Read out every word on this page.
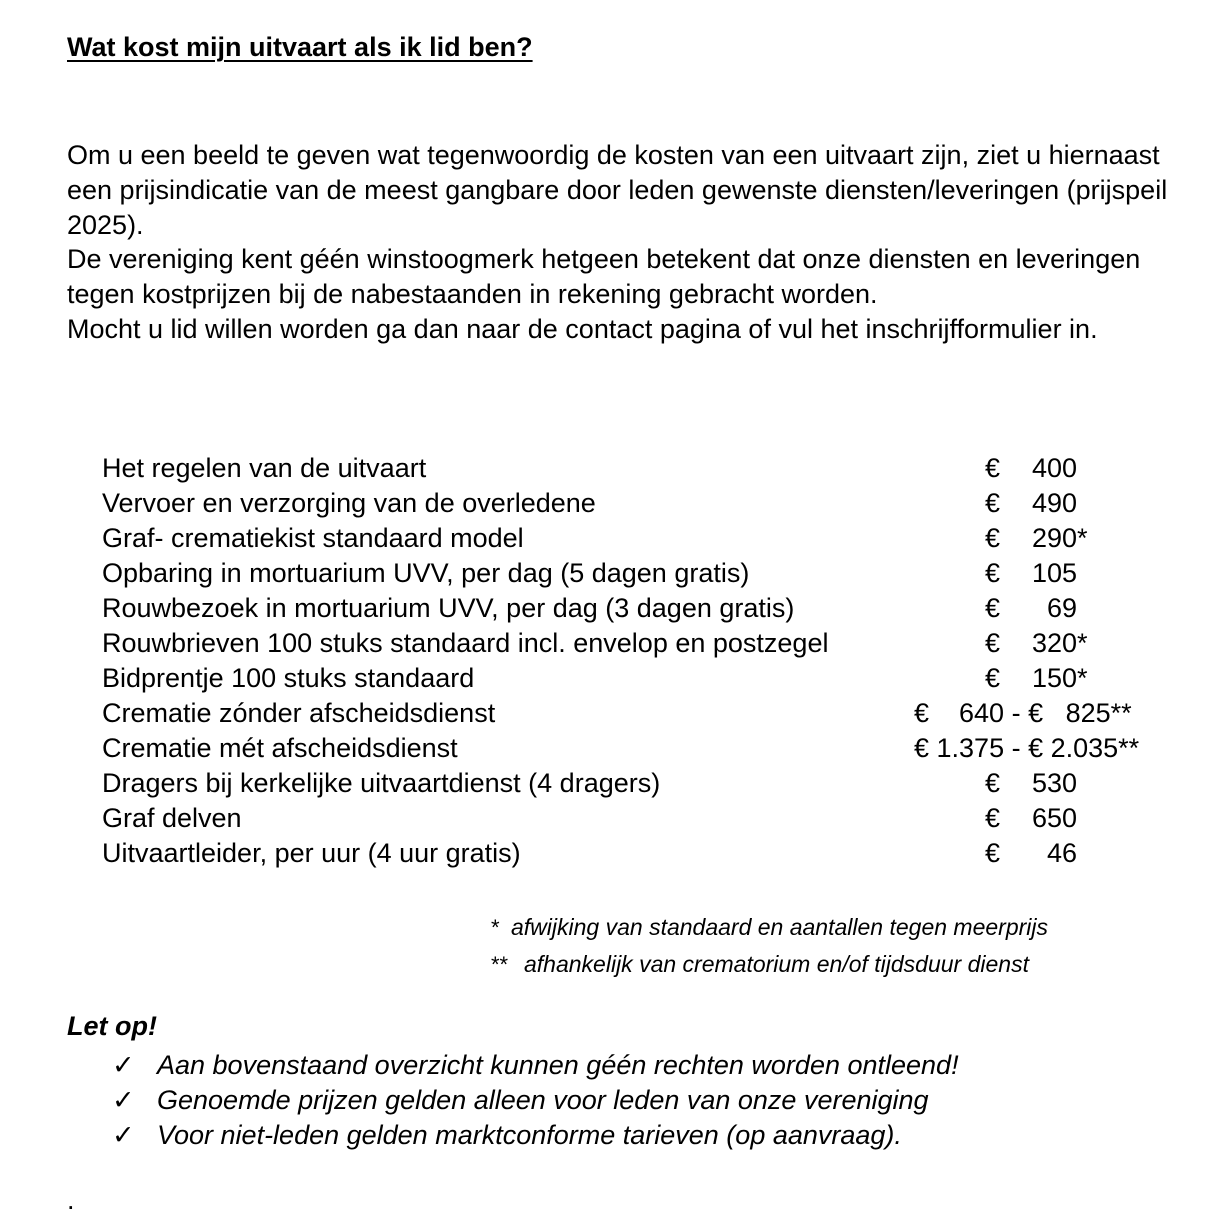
Wat kost mijn uitvaart als ik lid ben?

Om u een beeld te geven wat tegenwoordig de kosten van een uitvaart zijn, ziet u hiernaast een prijsindicatie van de meest gangbare door leden gewenste diensten/leveringen (prijspeil 2025).

De vereniging kent géén winstoogmerk hetgeen betekent dat onze diensten en leveringen tegen kostprijzen bij de nabestaanden in rekening gebracht worden.

Mocht u lid willen worden ga dan naar de contact pagina of vul het inschrijfformulier in.

Het regelen van de uitvaart	€ 400
Vervoer en verzorging van de overledene	€ 490
Graf- crematiekist standaard model	€ 290*
Opbaring in mortuarium UVV, per dag (5 dagen gratis)	€ 105
Rouwbezoek in mortuarium UVV, per dag (3 dagen gratis)	€ 69
Rouwbrieven 100 stuks standaard incl. envelop en postzegel	€ 320*
Bidprentje 100 stuks standaard	€ 150*
Crematie zónder afscheidsdienst	€    640 - €   825**
Crematie mét afscheidsdienst	€ 1.375 - € 2.035**
Dragers bij kerkelijke uitvaartdienst (4 dragers)	€ 530
Graf delven	€ 650
Uitvaartleider, per uur (4 uur gratis)	€ 46
* afwijking van standaard en aantallen tegen meerprijs
** afhankelijk van crematorium en/of tijdsduur dienst
Let op!
✓ Aan bovenstaand overzicht kunnen géén rechten worden ontleend!
✓ Genoemde prijzen gelden alleen voor leden van onze vereniging
✓ Voor niet-leden gelden marktconforme tarieven (op aanvraag).
.
